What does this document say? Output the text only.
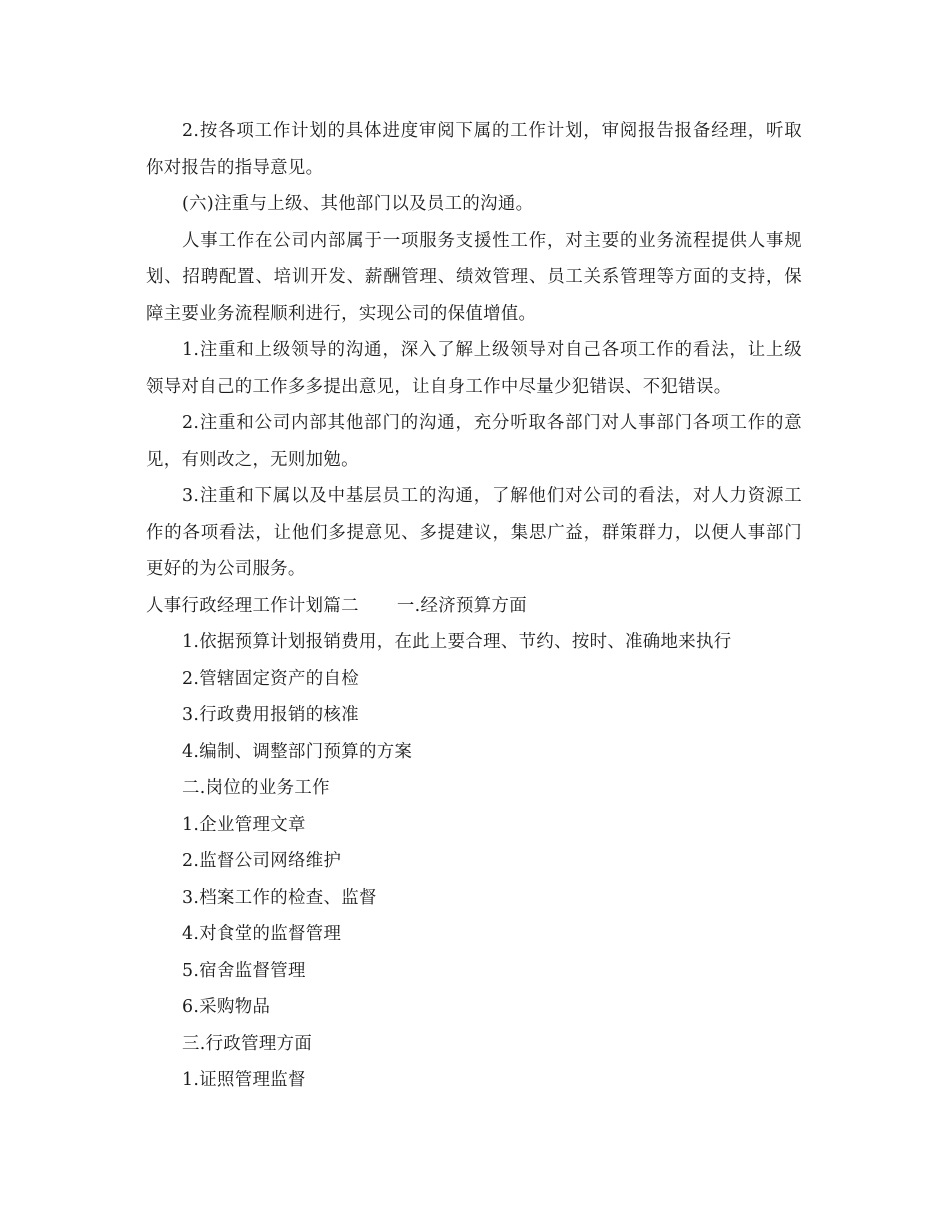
2.按各项工作计划的具体进度审阅下属的工作计划，审阅报告报备经理，听取你对报告的指导意见。

(六)注重与上级、其他部门以及员工的沟通。

人事工作在公司内部属于一项服务支援性工作，对主要的业务流程提供人事规划、招聘配置、培训开发、薪酬管理、绩效管理、员工关系管理等方面的支持，保障主要业务流程顺利进行，实现公司的保值增值。

1.注重和上级领导的沟通，深入了解上级领导对自己各项工作的看法，让上级领导对自己的工作多多提出意见，让自身工作中尽量少犯错误、不犯错误。

2.注重和公司内部其他部门的沟通，充分听取各部门对人事部门各项工作的意见，有则改之，无则加勉。

3.注重和下属以及中基层员工的沟通，了解他们对公司的看法，对人力资源工作的各项看法，让他们多提意见、多提建议，集思广益，群策群力，以便人事部门更好的为公司服务。

人事行政经理工作计划篇二 一.经济预算方面

1.依据预算计划报销费用，在此上要合理、节约、按时、准确地来执行

2.管辖固定资产的自检

3.行政费用报销的核准

4.编制、调整部门预算的方案

二.岗位的业务工作

1.企业管理文章

2.监督公司网络维护

3.档案工作的检查、监督

4.对食堂的监督管理

5.宿舍监督管理

6.采购物品

三.行政管理方面

1.证照管理监督
